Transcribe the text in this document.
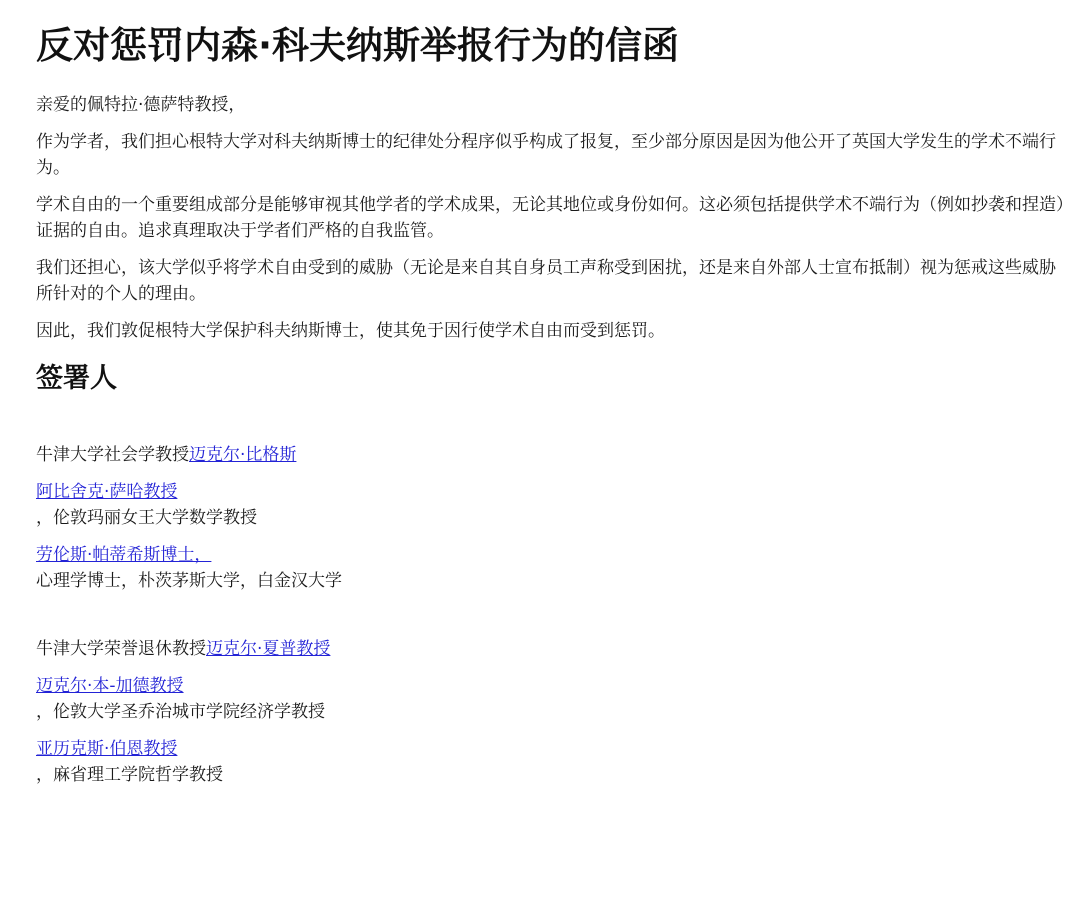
反对惩罚内森·科夫纳斯举报行为的信函

亲爱的佩特拉·德萨特教授，

作为学者，我们担心根特大学对科夫纳斯博士的纪律处分程序似乎构成了报复，至少部分原因是因为他公开了英国大学发生的学术不端行为。

学术自由的一个重要组成部分是能够审视其他学者的学术成果，无论其地位或身份如何。这必须包括提供学术不端行为（例如抄袭和捏造）证据的自由。追求真理取决于学者们严格的自我监管。

我们还担心，该大学似乎将学术自由受到的威胁（无论是来自其自身员工声称受到困扰，还是来自外部人士宣布抵制）视为惩戒这些威胁所针对的个人的理由。

因此，我们敦促根特大学保护科夫纳斯博士，使其免于因行使学术自由而受到惩罚。

签署人
牛津大学社会学教授迈克尔·比格斯
阿比舍克·萨哈教授
，伦敦玛丽女王大学数学教授
劳伦斯·帕蒂希斯博士，
心理学博士，朴茨茅斯大学，白金汉大学
牛津大学荣誉退休教授迈克尔·夏普教授
迈克尔·本-加德教授
，伦敦大学圣乔治城市学院经济学教授
亚历克斯·伯恩教授
，麻省理工学院哲学教授
